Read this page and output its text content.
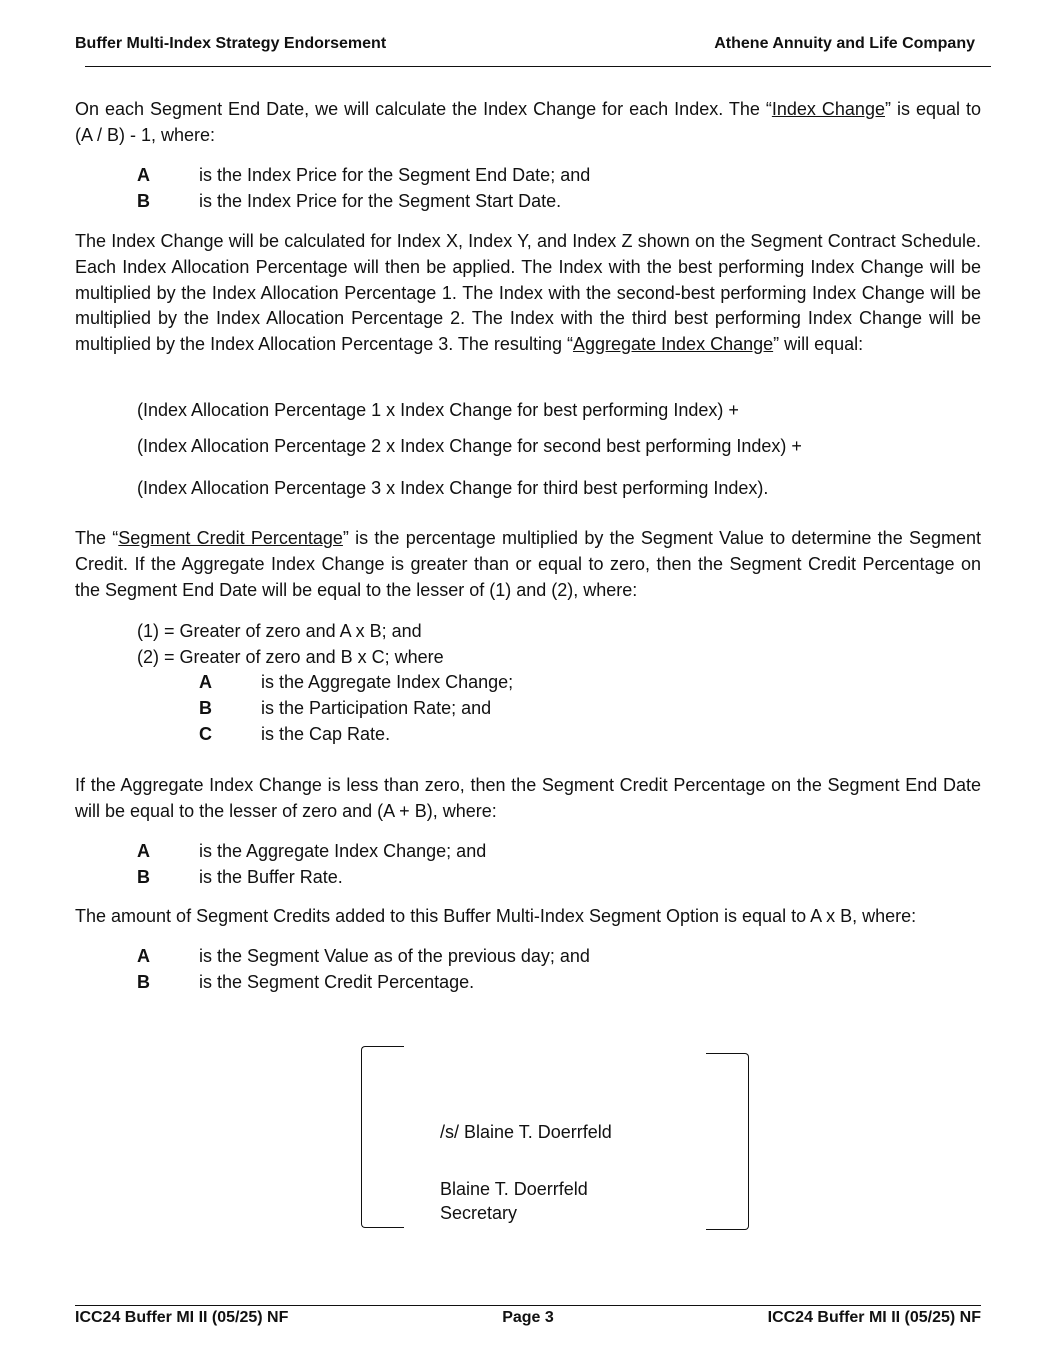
Buffer Multi-Index Strategy Endorsement	Athene Annuity and Life Company
On each Segment End Date, we will calculate the Index Change for each Index. The “Index Change” is equal to (A / B) - 1, where:
A	is the Index Price for the Segment End Date; and
B	is the Index Price for the Segment Start Date.
The Index Change will be calculated for Index X, Index Y, and Index Z shown on the Segment Contract Schedule. Each Index Allocation Percentage will then be applied. The Index with the best performing Index Change will be multiplied by the Index Allocation Percentage 1. The Index with the second-best performing Index Change will be multiplied by the Index Allocation Percentage 2. The Index with the third best performing Index Change will be multiplied by the Index Allocation Percentage 3. The resulting “Aggregate Index Change” will equal:
(Index Allocation Percentage 1 x Index Change for best performing Index) +
(Index Allocation Percentage 2 x Index Change for second best performing Index) +
(Index Allocation Percentage 3 x Index Change for third best performing Index).
The “Segment Credit Percentage” is the percentage multiplied by the Segment Value to determine the Segment Credit. If the Aggregate Index Change is greater than or equal to zero, then the Segment Credit Percentage on the Segment End Date will be equal to the lesser of (1) and (2), where:
(1) = Greater of zero and A x B; and
(2) = Greater of zero and B x C; where
A	is the Aggregate Index Change;
B	is the Participation Rate; and
C	is the Cap Rate.
If the Aggregate Index Change is less than zero, then the Segment Credit Percentage on the Segment End Date will be equal to the lesser of zero and (A + B), where:
A	is the Aggregate Index Change; and
B	is the Buffer Rate.
The amount of Segment Credits added to this Buffer Multi-Index Segment Option is equal to A x B, where:
A	is the Segment Value as of the previous day; and
B	is the Segment Credit Percentage.
/s/ Blaine T. Doerrfeld
Blaine T. Doerrfeld
Secretary
ICC24 Buffer MI II (05/25) NF	Page 3	ICC24 Buffer MI II (05/25) NF
